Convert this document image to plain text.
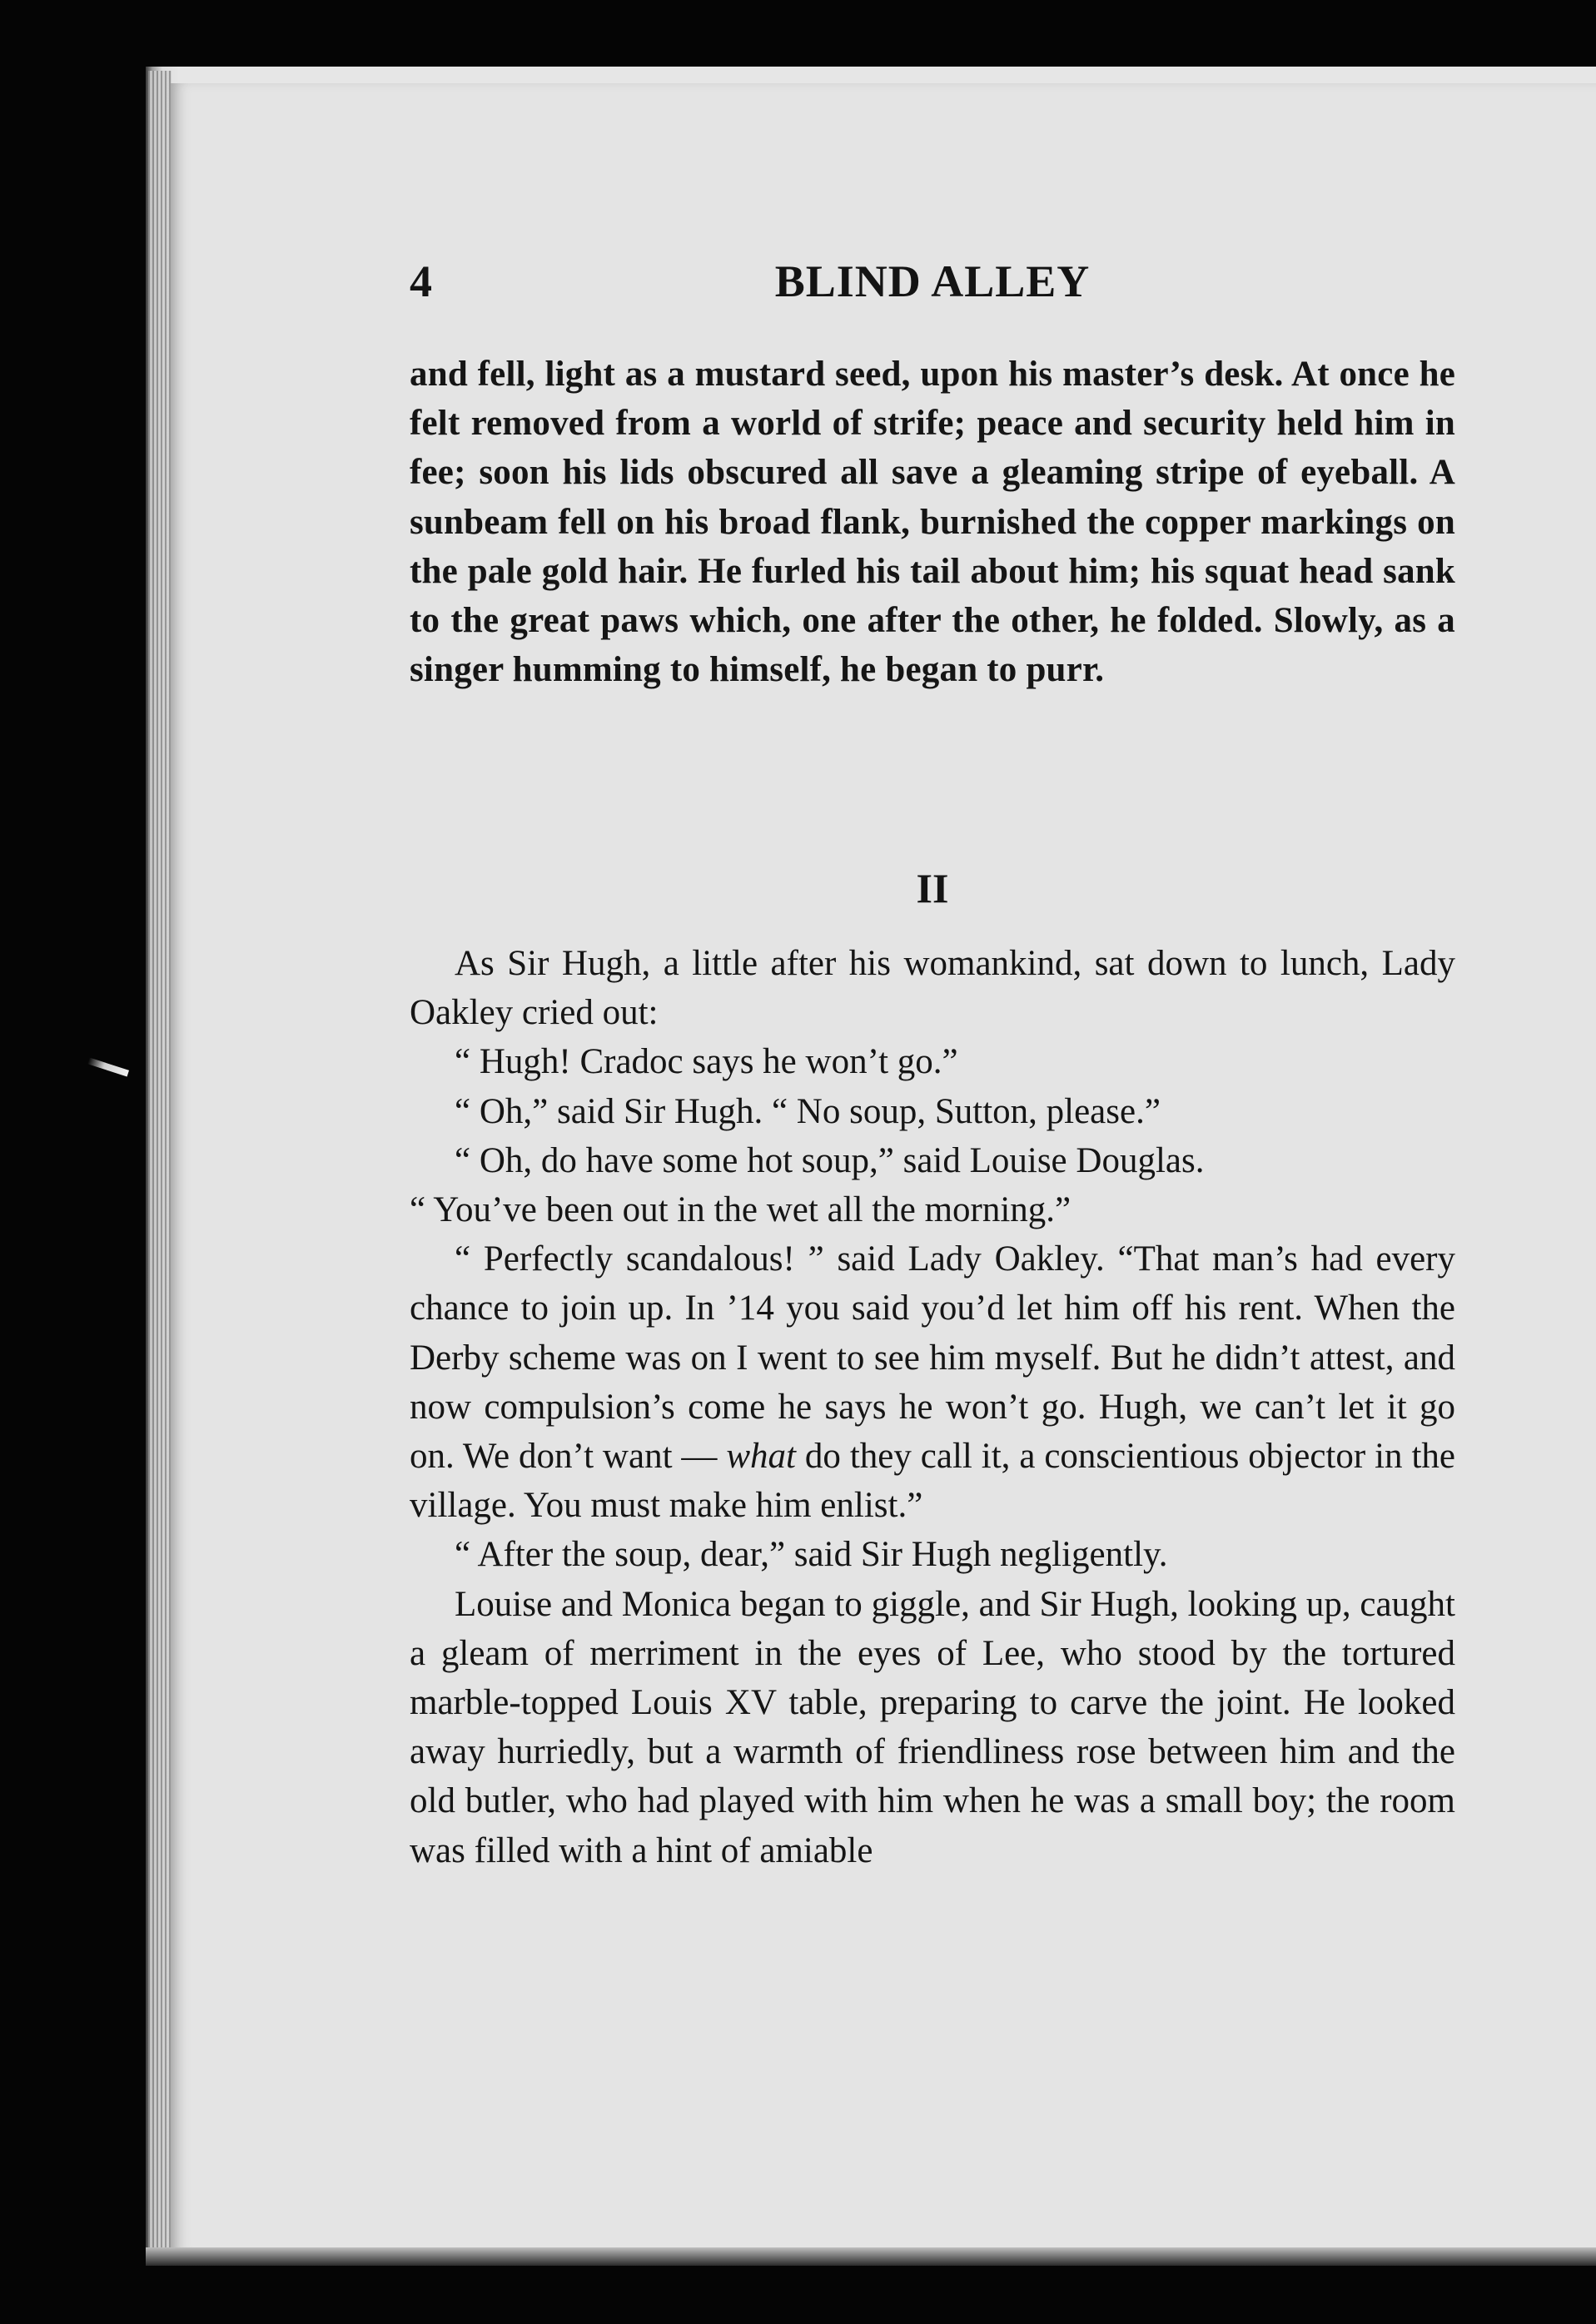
4	BLIND ALLEY

and fell, light as a mustard seed, upon his master’s desk. At once he felt removed from a world of strife; peace and security held him in fee; soon his lids obscured all save a gleaming stripe of eyeball. A sunbeam fell on his broad flank, burnished the copper markings on the pale gold hair. He furled his tail about him; his squat head sank to the great paws which, one after the other, he folded. Slowly, as a singer humming to himself, he began to purr.

II

As Sir Hugh, a little after his womankind, sat down to lunch, Lady Oakley cried out:

“ Hugh! Cradoc says he won’t go.”

“ Oh,” said Sir Hugh. “ No soup, Sutton, please.”

“ Oh, do have some hot soup,” said Louise Douglas.

“ You’ve been out in the wet all the morning.”

“ Perfectly scandalous! ” said Lady Oakley. “That man’s had every chance to join up. In ’14 you said you’d let him off his rent. When the Derby scheme was on I went to see him myself. But he didn’t attest, and now compulsion’s come he says he won’t go. Hugh, we can’t let it go on. We don’t want — what do they call it, a conscientious objector in the village. You must make him enlist.”

“ After the soup, dear,” said Sir Hugh negligently.

Louise and Monica began to giggle, and Sir Hugh, looking up, caught a gleam of merriment in the eyes of Lee, who stood by the tortured marble-topped Louis XV table, preparing to carve the joint. He looked away hurriedly, but a warmth of friendliness rose between him and the old butler, who had played with him when he was a small boy; the room was filled with a hint of amiable
